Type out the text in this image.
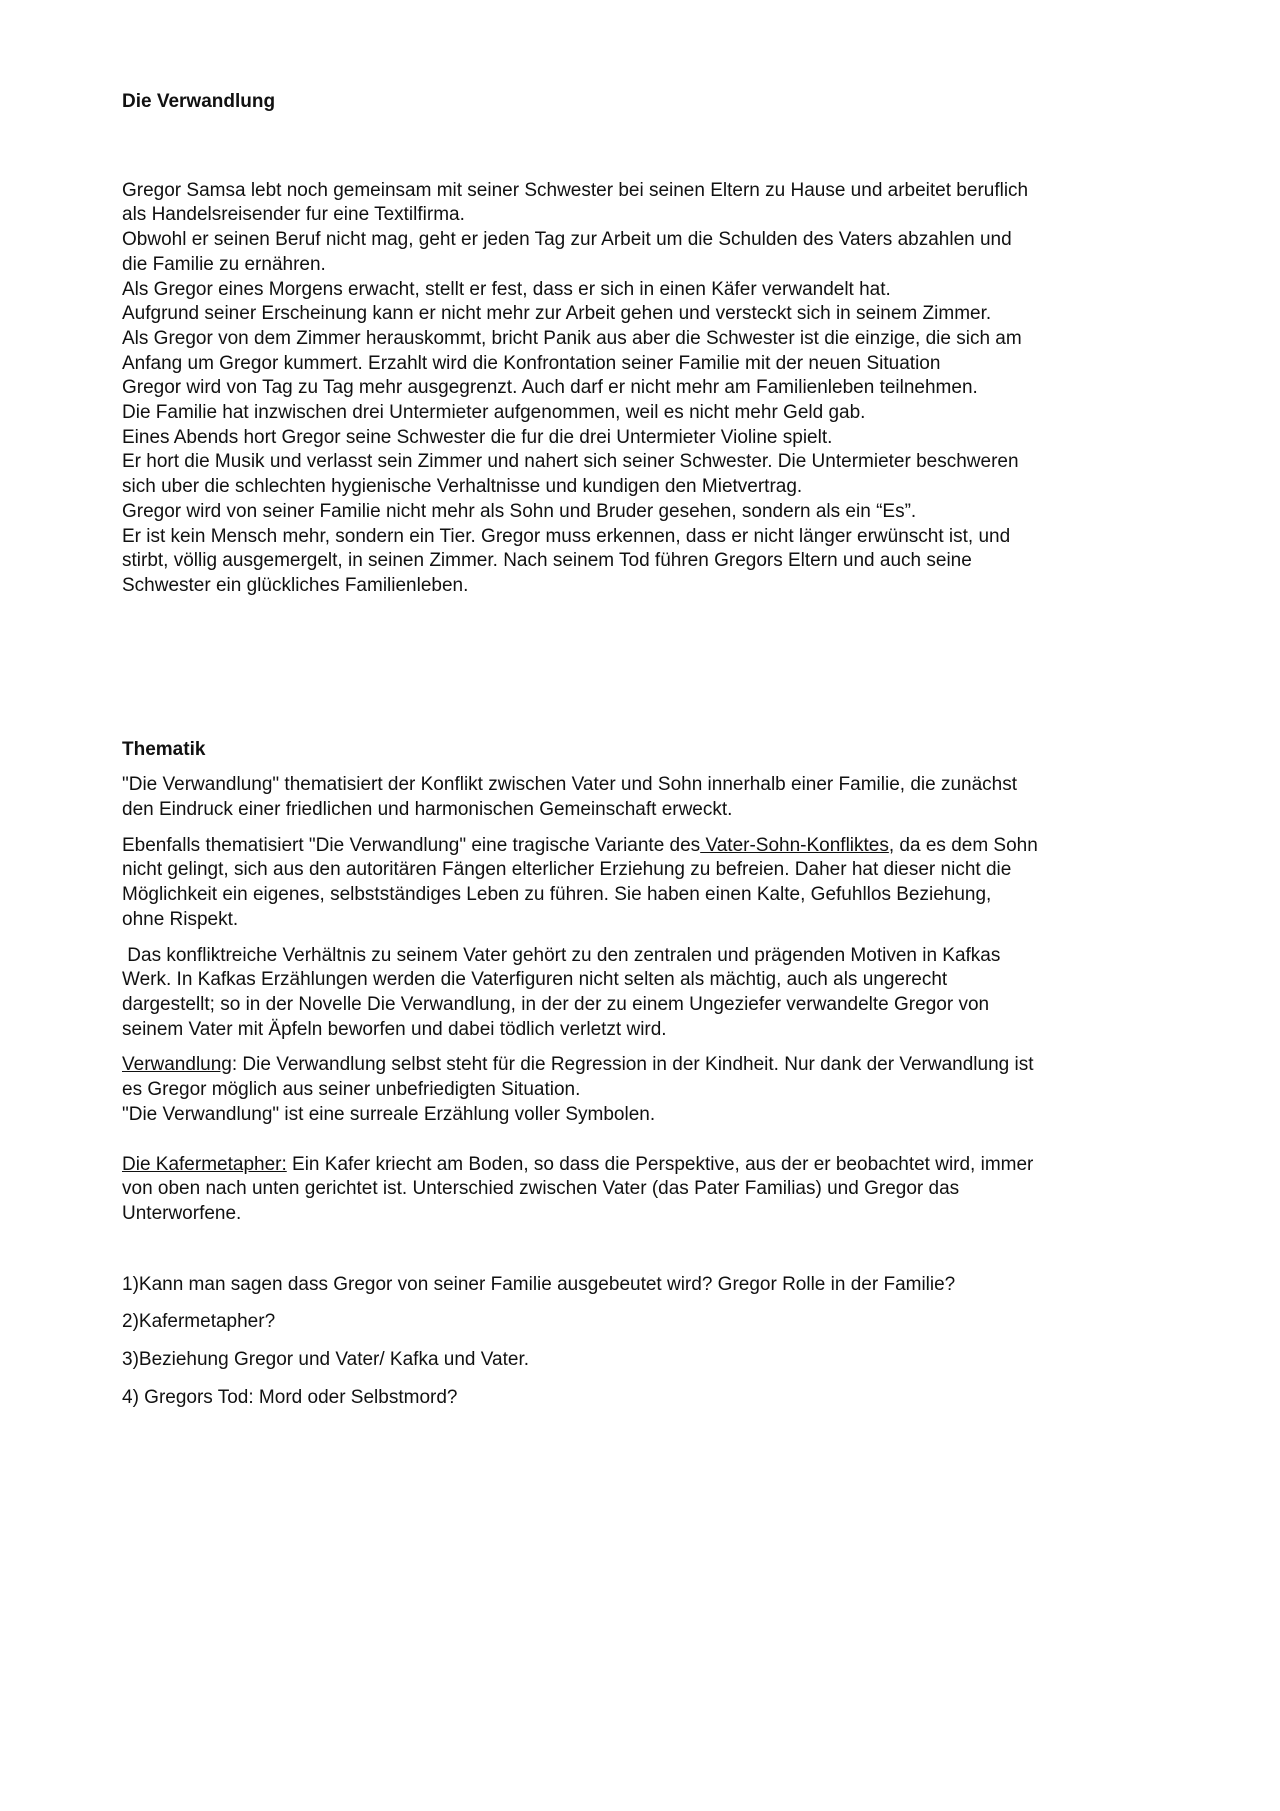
Die Verwandlung

Gregor Samsa lebt noch gemeinsam mit seiner Schwester bei seinen Eltern zu Hause und arbeitet beruflich

als Handelsreisender fur eine Textilfirma.

Obwohl er seinen Beruf nicht mag, geht er jeden Tag zur Arbeit um die Schulden des Vaters abzahlen und

die Familie zu ernähren.

Als Gregor eines Morgens erwacht, stellt er fest, dass er sich in einen Käfer verwandelt hat.

Aufgrund seiner Erscheinung kann er nicht mehr zur Arbeit gehen und versteckt sich in seinem Zimmer.

Als Gregor von dem Zimmer herauskommt, bricht Panik aus aber die Schwester ist die einzige, die sich am

Anfang um Gregor kummert. Erzahlt wird die Konfrontation seiner Familie mit der neuen Situation

Gregor wird von Tag zu Tag mehr ausgegrenzt. Auch darf er nicht mehr am Familienleben teilnehmen.

Die Familie hat inzwischen drei Untermieter aufgenommen, weil es nicht mehr Geld gab.

Eines Abends hort Gregor seine Schwester die fur die drei Untermieter Violine spielt.

Er hort die Musik und verlasst sein Zimmer und nahert sich seiner Schwester. Die Untermieter beschweren

sich uber die schlechten hygienische Verhaltnisse und kundigen den Mietvertrag.

Gregor wird von seiner Familie nicht mehr als Sohn und Bruder gesehen, sondern als ein “Es”.

Er ist kein Mensch mehr, sondern ein Tier. Gregor muss erkennen, dass er nicht länger erwünscht ist, und

stirbt, völlig ausgemergelt, in seinen Zimmer. Nach seinem Tod führen Gregors Eltern und auch seine

Schwester ein glückliches Familienleben.

Thematik

"Die Verwandlung" thematisiert der Konflikt zwischen Vater und Sohn innerhalb einer Familie, die zunächst

den Eindruck einer friedlichen und harmonischen Gemeinschaft erweckt.

Ebenfalls thematisiert "Die Verwandlung" eine tragische Variante des Vater-Sohn-Konfliktes, da es dem Sohn

nicht gelingt, sich aus den autoritären Fängen elterlicher Erziehung zu befreien. Daher hat dieser nicht die

Möglichkeit ein eigenes, selbstständiges Leben zu führen. Sie haben einen Kalte, Gefuhllos Beziehung,

ohne Rispekt.

Das konfliktreiche Verhältnis zu seinem Vater gehört zu den zentralen und prägenden Motiven in Kafkas

Werk. In Kafkas Erzählungen werden die Vaterfiguren nicht selten als mächtig, auch als ungerecht

dargestellt; so in der Novelle Die Verwandlung, in der der zu einem Ungeziefer verwandelte Gregor von

seinem Vater mit Äpfeln beworfen und dabei tödlich verletzt wird.

Verwandlung: Die Verwandlung selbst steht für die Regression in der Kindheit. Nur dank der Verwandlung ist

es Gregor möglich aus seiner unbefriedigten Situation.

"Die Verwandlung" ist eine surreale Erzählung voller Symbolen.

Die Kafermetapher: Ein Kafer kriecht am Boden, so dass die Perspektive, aus der er beobachtet wird, immer

von oben nach unten gerichtet ist. Unterschied zwischen Vater (das Pater Familias) und Gregor das

Unterworfene.

1)Kann man sagen dass Gregor von seiner Familie ausgebeutet wird? Gregor Rolle in der Familie?

2)Kafermetapher?

3)Beziehung Gregor und Vater/ Kafka und Vater.

4) Gregors Tod: Mord oder Selbstmord?
